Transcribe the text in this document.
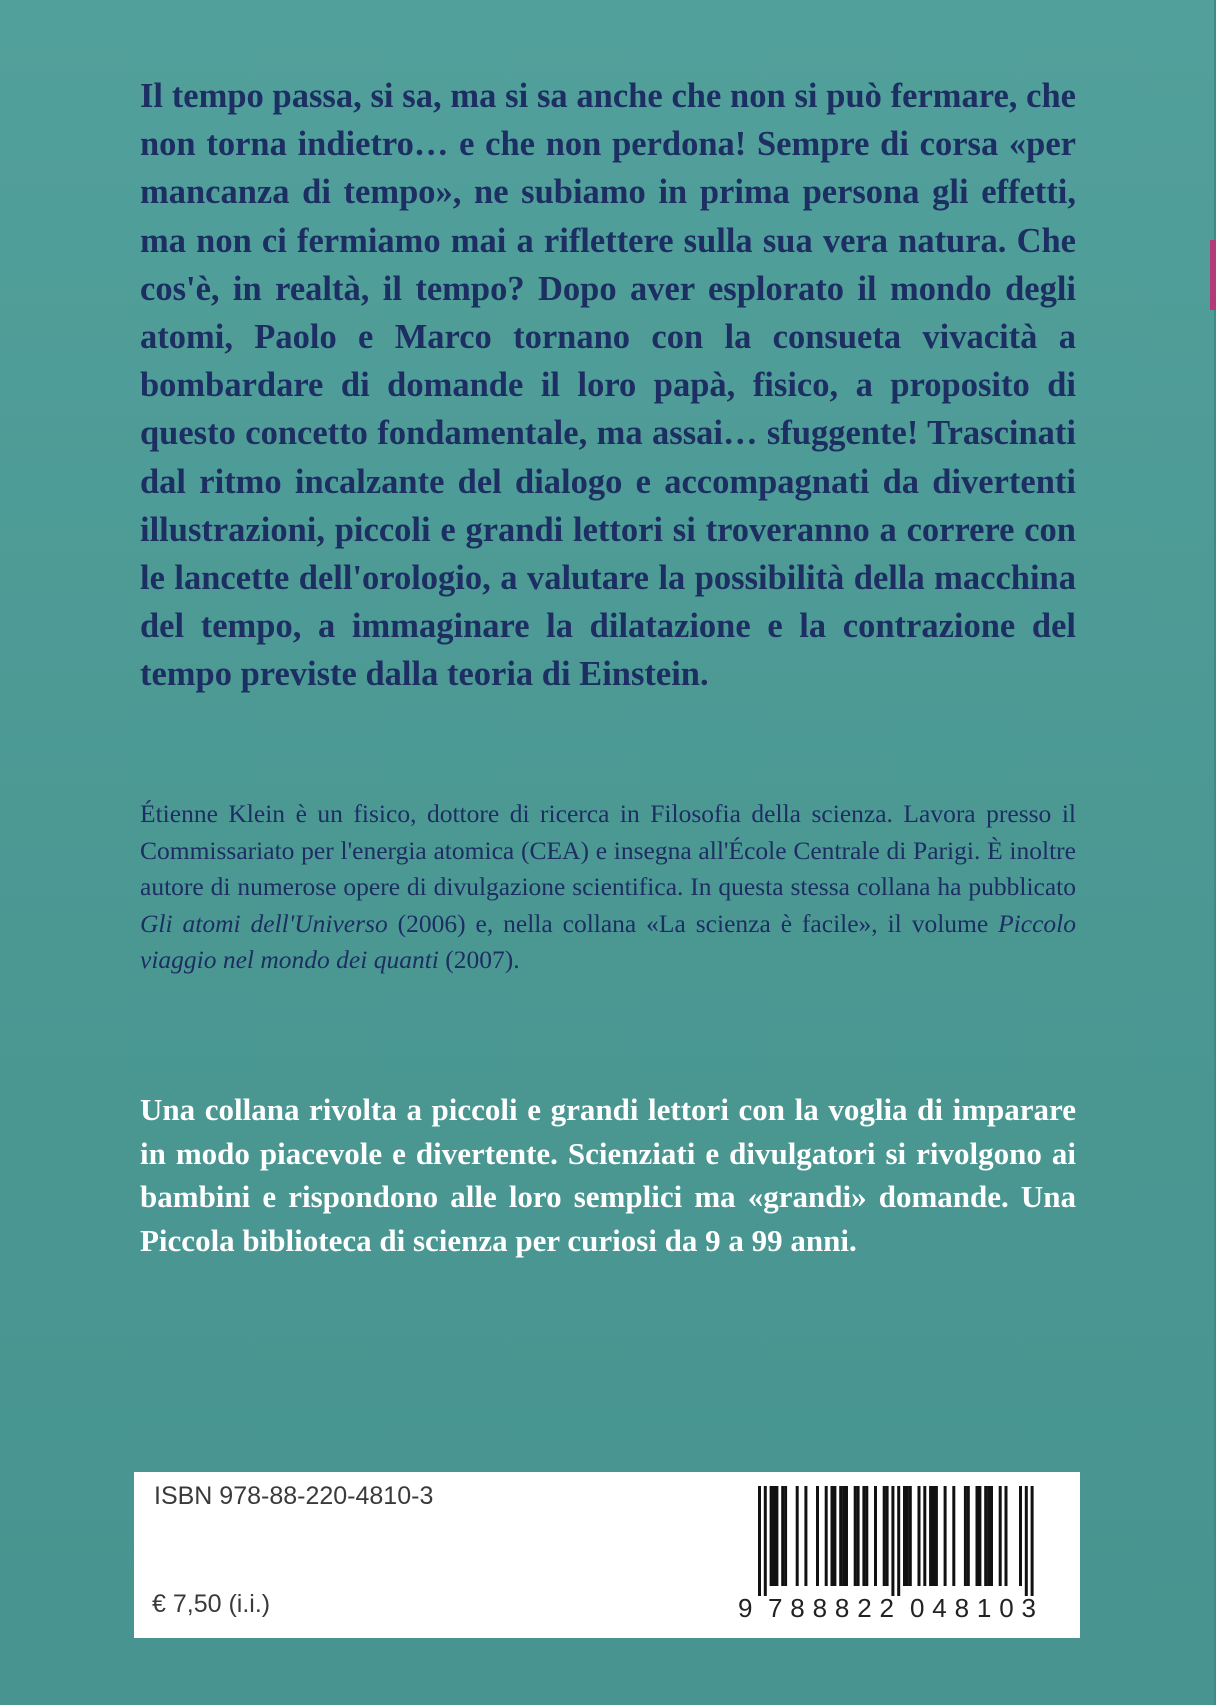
Il tempo passa, si sa, ma si sa anche che non si può fermare, che non torna indietro… e che non perdona! Sempre di corsa «per mancanza di tempo», ne subiamo in prima persona gli effetti, ma non ci fermiamo mai a riflettere sulla sua vera natura. Che cos'è, in realtà, il tempo? Dopo aver esplorato il mondo degli atomi, Paolo e Marco tornano con la consueta vivacità a bombardare di domande il loro papà, fisico, a proposito di questo concetto fondamentale, ma assai… sfuggente! Trascinati dal ritmo incalzante del dialogo e accompagnati da divertenti illustrazioni, piccoli e grandi lettori si troveranno a correre con le lancette dell'orologio, a valutare la possibilità della macchina del tempo, a immaginare la dilatazione e la contrazione del tempo previste dalla teoria di Einstein.

Étienne Klein è un fisico, dottore di ricerca in Filosofia della scienza. Lavora presso il Commissariato per l'energia atomica (CEA) e insegna all'École Centrale di Parigi. È inoltre autore di numerose opere di divulgazione scientifica. In questa stessa collana ha pubblicato Gli atomi dell'Universo (2006) e, nella collana «La scienza è facile», il volume Piccolo viaggio nel mondo dei quanti (2007).

Una collana rivolta a piccoli e grandi lettori con la voglia di imparare in modo piacevole e divertente. Scienziati e divulgatori si rivolgono ai bambini e rispondono alle loro semplici ma «grandi» domande. Una Piccola biblioteca di scienza per curiosi da 9 a 99 anni.

ISBN 978-88-220-4810-3
€ 7,50 (i.i.)	9 788822 048103
